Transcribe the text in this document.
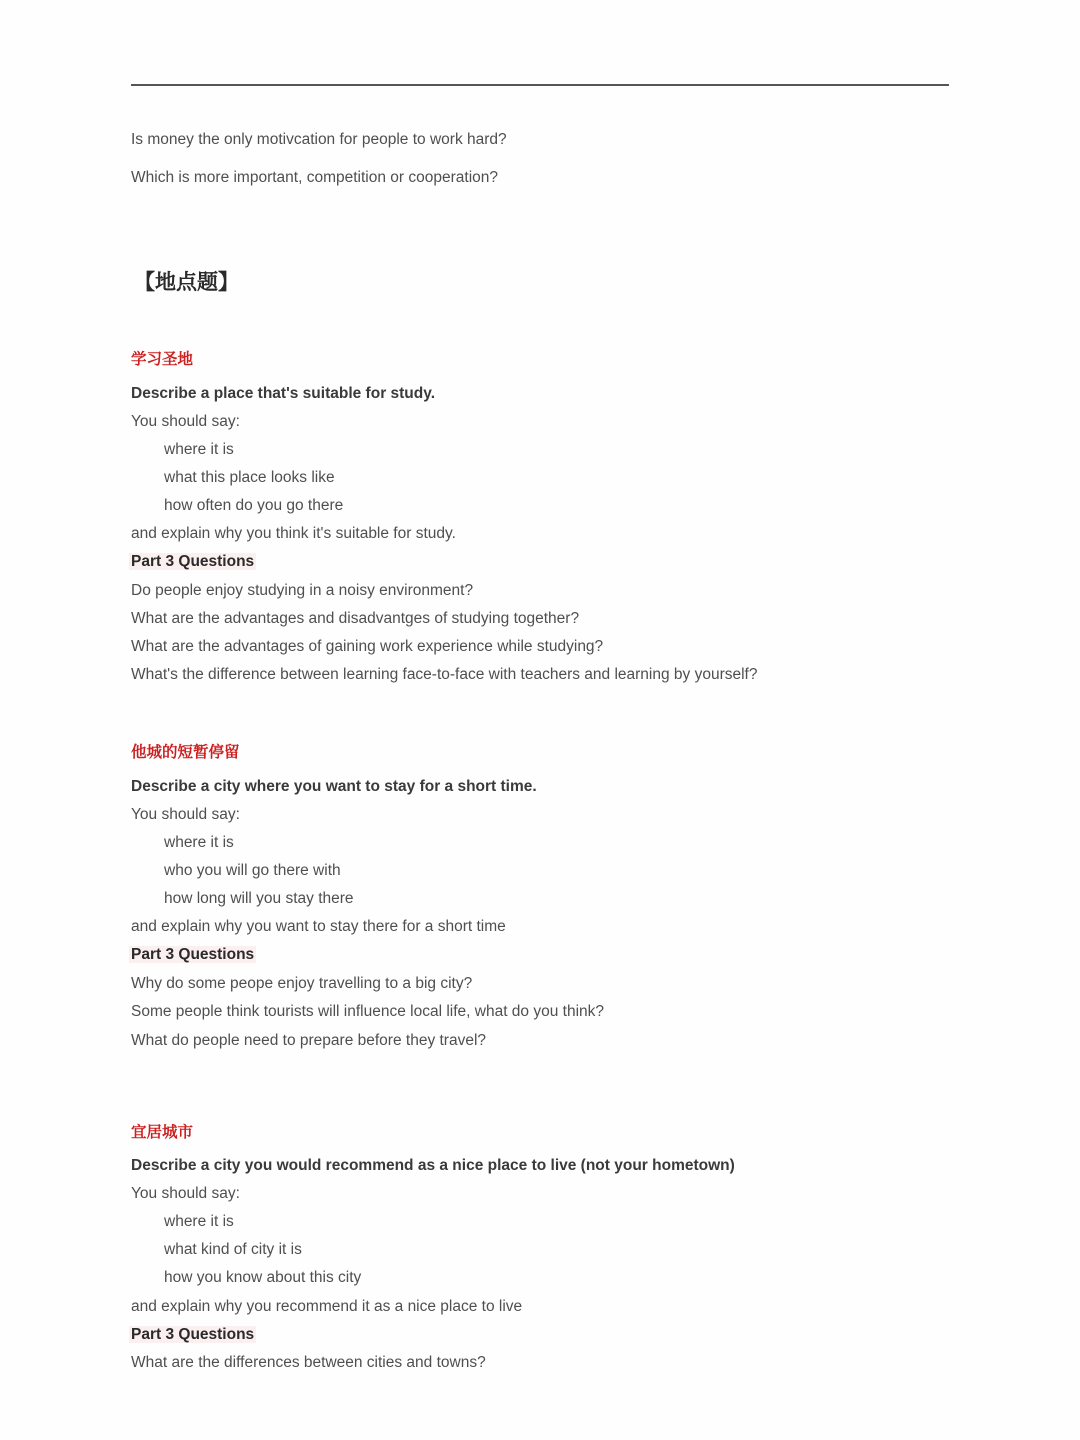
Is money the only motivcation for people to work hard?
Which is more important, competition or cooperation?
【地点题】
学习圣地
Describe a place that's suitable for study.
You should say:
where it is
what this place looks like
how often do you go there
and explain why you think it's suitable for study.
Part 3 Questions
Do people enjoy studying in a noisy environment?
What are the advantages and disadvantges of studying together?
What are the advantages of gaining work experience while studying?
What's the difference between learning face-to-face with teachers and learning by yourself?
他城的短暂停留
Describe a city where you want to stay for a short time.
You should say:
where it is
who you will go there with
how long will you stay there
and explain why you want to stay there for a short time
Part 3 Questions
Why do some peope enjoy travelling to a big city?
Some people think tourists will influence local life, what do you think?
What do people need to prepare before they travel?
宜居城市
Describe a city you would recommend as a nice place to live (not your hometown)
You should say:
where it is
what kind of city it is
how you know about this city
and explain why you recommend it as a nice place to live
Part 3 Questions
What are the differences between cities and towns?
